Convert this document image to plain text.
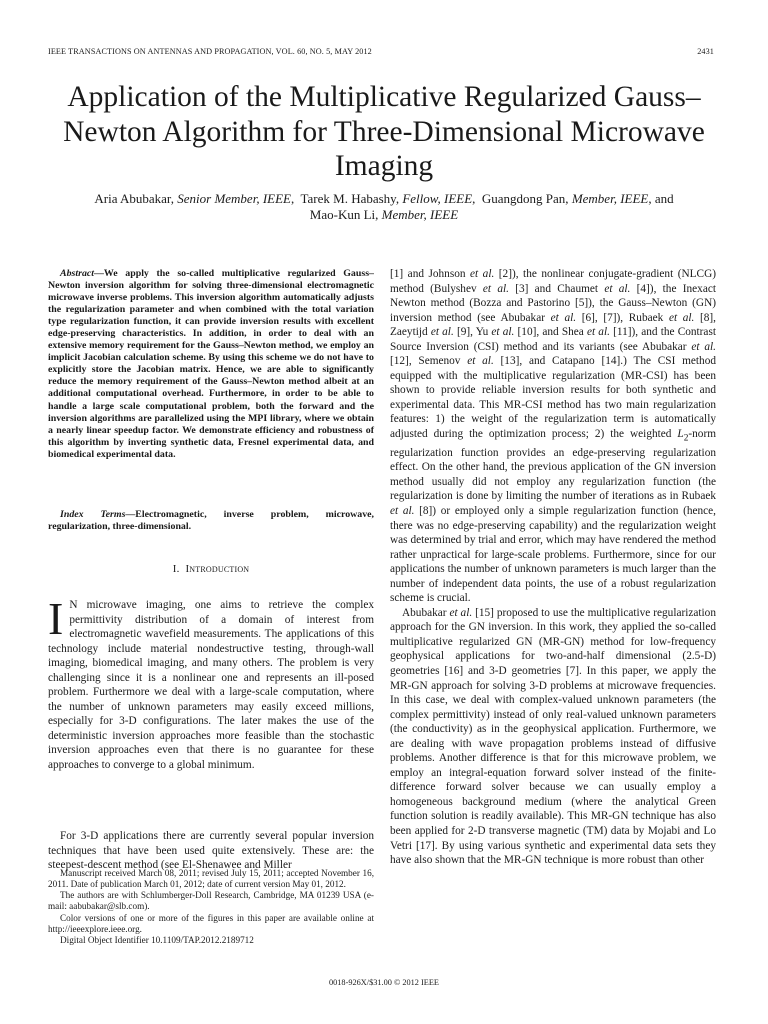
IEEE TRANSACTIONS ON ANTENNAS AND PROPAGATION, VOL. 60, NO. 5, MAY 2012	2431
Application of the Multiplicative Regularized Gauss–Newton Algorithm for Three-Dimensional Microwave Imaging
Aria Abubakar, Senior Member, IEEE,  Tarek M. Habashy, Fellow, IEEE,  Guangdong Pan, Member, IEEE, and
Mao-Kun Li, Member, IEEE

Abstract—We apply the so-called multiplicative regularized Gauss–Newton inversion algorithm for solving three-dimensional electromagnetic microwave inverse problems. This inversion algorithm automatically adjusts the regularization parameter and when combined with the total variation type regularization function, it can provide inversion results with excellent edge-preserving characteristics. In addition, in order to deal with an extensive memory requirement for the Gauss–Newton method, we employ an implicit Jacobian calculation scheme. By using this scheme we do not have to explicitly store the Jacobian matrix. Hence, we are able to significantly reduce the memory requirement of the Gauss–Newton method albeit at an additional computational overhead. Furthermore, in order to be able to handle a large scale computational problem, both the forward and the inversion algorithms are parallelized using the MPI library, where we obtain a nearly linear speedup factor. We demonstrate efficiency and robustness of this algorithm by inverting synthetic data, Fresnel experimental data, and biomedical experimental data.

Index Terms—Electromagnetic, inverse problem, microwave, regularization, three-dimensional.

I. Introduction

I N microwave imaging, one aims to retrieve the complex permittivity distribution of a domain of interest from electromagnetic wavefield measurements. The applications of this technology include material nondestructive testing, through-wall imaging, biomedical imaging, and many others. The problem is very challenging since it is a nonlinear one and represents an ill-posed problem. Furthermore we deal with a large-scale computation, where the number of unknown parameters may easily exceed millions, especially for 3-D configurations. The later makes the use of the deterministic inversion approaches more feasible than the stochastic inversion approaches even that there is no guarantee for these approaches to converge to a global minimum.

For 3-D applications there are currently several popular inversion techniques that have been used quite extensively. These are: the steepest-descent method (see El-Shenawee and Miller

Manuscript received March 08, 2011; revised July 15, 2011; accepted November 16, 2011. Date of publication March 01, 2012; date of current version May 01, 2012.

The authors are with Schlumberger-Doll Research, Cambridge, MA 01239 USA (e-mail: aabubakar@slb.com).

Color versions of one or more of the figures in this paper are available online at http://ieeexplore.ieee.org.

Digital Object Identifier 10.1109/TAP.2012.2189712

[1] and Johnson et al. [2]), the nonlinear conjugate-gradient (NLCG) method (Bulyshev et al. [3] and Chaumet et al. [4]), the Inexact Newton method (Bozza and Pastorino [5]), the Gauss–Newton (GN) inversion method (see Abubakar et al. [6], [7]), Rubaek et al. [8], Zaeytijd et al. [9], Yu et al. [10], and Shea et al. [11]), and the Contrast Source Inversion (CSI) method and its variants (see Abubakar et al. [12], Semenov et al. [13], and Catapano [14].) The CSI method equipped with the multiplicative regularization (MR-CSI) has been shown to provide reliable inversion results for both synthetic and experimental data. This MR-CSI method has two main regularization features: 1) the weight of the regularization term is automatically adjusted during the optimization process; 2) the weighted $L_2$-norm regularization function provides an edge-preserving regularization effect. On the other hand, the previous application of the GN inversion method usually did not employ any regularization function (the regularization is done by limiting the number of iterations as in Rubaek et al. [8]) or employed only a simple regularization function (hence, there was no edge-preserving capability) and the regularization weight was determined by trial and error, which may have rendered the method rather unpractical for large-scale problems. Furthermore, since for our applications the number of unknown parameters is much larger than the number of independent data points, the use of a robust regularization scheme is crucial.

Abubakar et al. [15] proposed to use the multiplicative regularization approach for the GN inversion. In this work, they applied the so-called multiplicative regularized GN (MR-GN) method for low-frequency geophysical applications for two-and-half dimensional (2.5-D) geometries [16] and 3-D geometries [7]. In this paper, we apply the MR-GN approach for solving 3-D problems at microwave frequencies. In this case, we deal with complex-valued unknown parameters (the complex permittivity) instead of only real-valued unknown parameters (the conductivity) as in the geophysical application. Furthermore, we are dealing with wave propagation problems instead of diffusive problems. Another difference is that for this microwave problem, we employ an integral-equation forward solver instead of the finite-difference forward solver because we can usually employ a homogeneous background medium (where the analytical Green function solution is readily available). This MR-GN technique has also been applied for 2-D transverse magnetic (TM) data by Mojabi and Lo Vetri [17]. By using various synthetic and experimental data sets they have also shown that the MR-GN technique is more robust than other

0018-926X/$31.00 © 2012 IEEE
